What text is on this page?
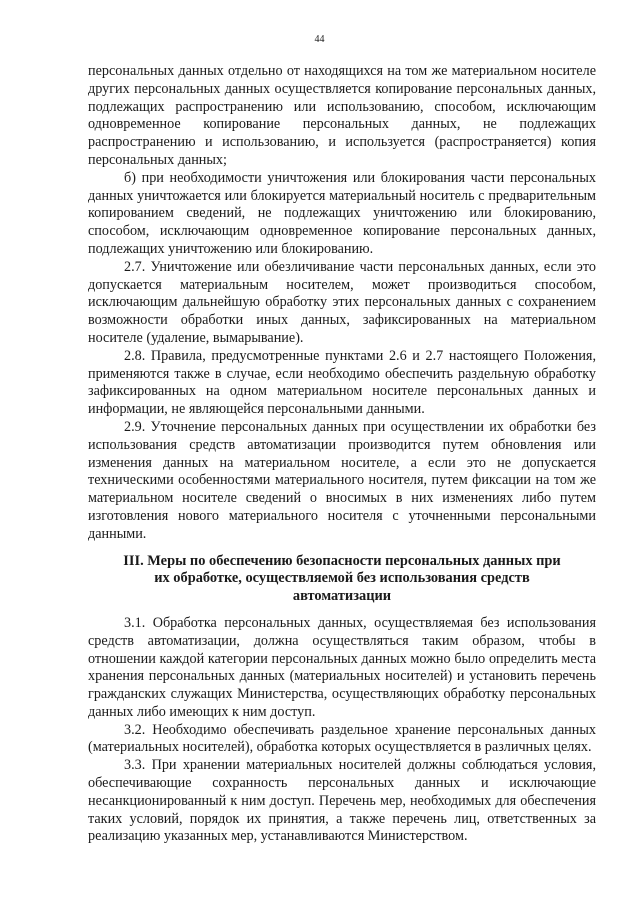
44

персональных данных отдельно от находящихся на том же материальном носителе других персональных данных осуществляется копирование персональных данных, подлежащих распространению или использованию, способом, исключающим одновременное копирование персональных данных, не подлежащих распространению и использованию, и используется (распространяется) копия персональных данных;

б) при необходимости уничтожения или блокирования части персональных данных уничтожается или блокируется материальный носитель с предварительным копированием сведений, не подлежащих уничтожению или блокированию, способом, исключающим одновременное копирование персональных данных, подлежащих уничтожению или блокированию.

2.7. Уничтожение или обезличивание части персональных данных, если это допускается материальным носителем, может производиться способом, исключающим дальнейшую обработку этих персональных данных с сохранением возможности обработки иных данных, зафиксированных на материальном носителе (удаление, вымарывание).

2.8. Правила, предусмотренные пунктами 2.6 и 2.7 настоящего Положения, применяются также в случае, если необходимо обеспечить раздельную обработку зафиксированных на одном материальном носителе персональных данных и информации, не являющейся персональными данными.

2.9. Уточнение персональных данных при осуществлении их обработки без использования средств автоматизации производится путем обновления или изменения данных на материальном носителе, а если это не допускается техническими особенностями материального носителя, путем фиксации на том же материальном носителе сведений о вносимых в них изменениях либо путем изготовления нового материального носителя с уточненными персональными данными.

III. Меры по обеспечению безопасности персональных данных при
их обработке, осуществляемой без использования средств
автоматизации

3.1. Обработка персональных данных, осуществляемая без использования средств автоматизации, должна осуществляться таким образом, чтобы в отношении каждой категории персональных данных можно было определить места хранения персональных данных (материальных носителей) и установить перечень гражданских служащих Министерства, осуществляющих обработку персональных данных либо имеющих к ним доступ.

3.2. Необходимо обеспечивать раздельное хранение персональных данных (материальных носителей), обработка которых осуществляется в различных целях.

3.3. При хранении материальных носителей должны соблюдаться условия, обеспечивающие сохранность персональных данных и исключающие несанкционированный к ним доступ. Перечень мер, необходимых для обеспечения таких условий, порядок их принятия, а также перечень лиц, ответственных за реализацию указанных мер, устанавливаются Министерством.
